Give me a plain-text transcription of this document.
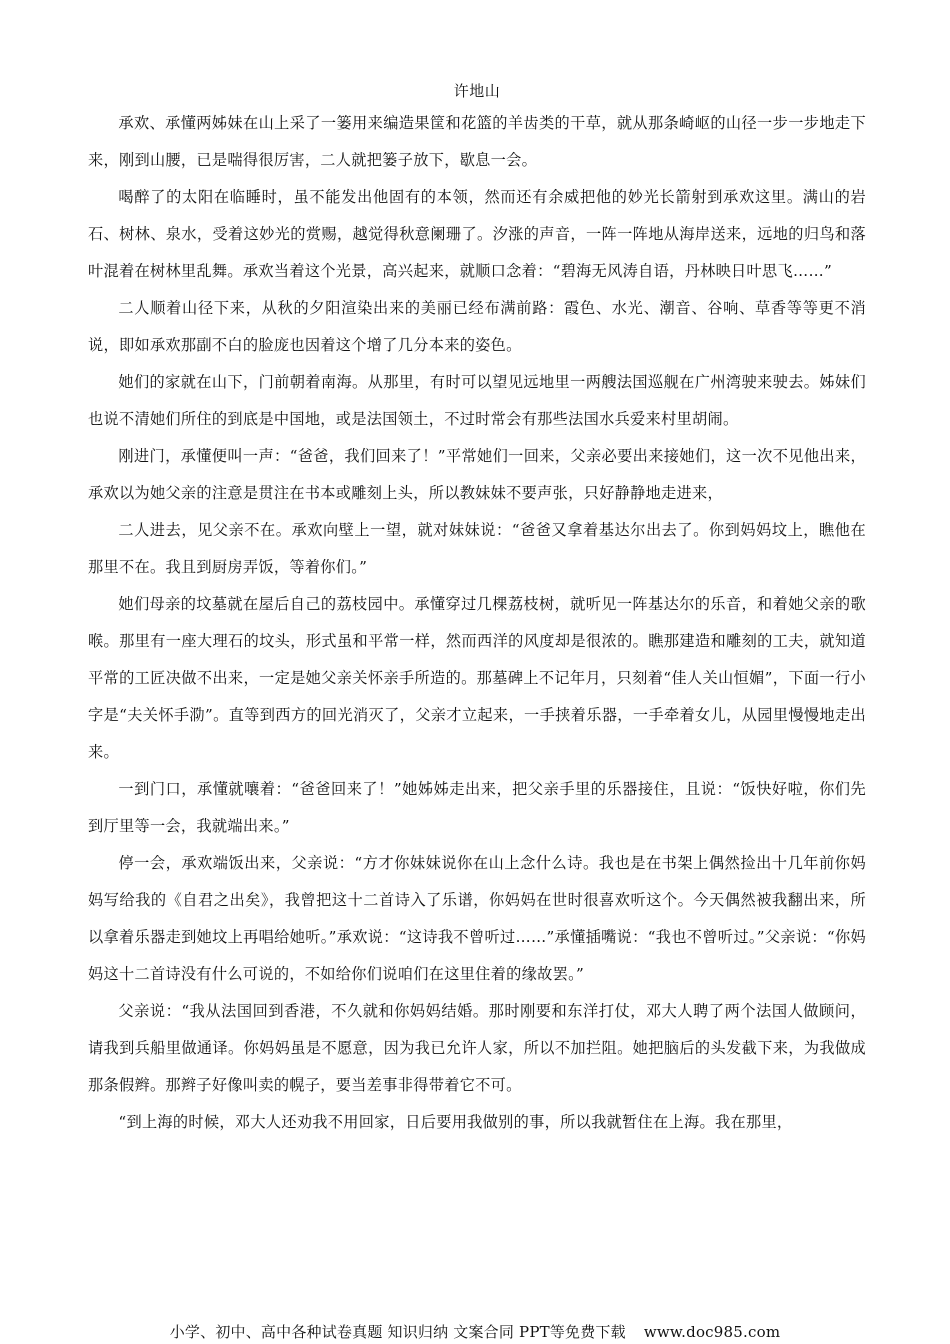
许地山

承欢、承懂两姊妹在山上采了一篓用来编造果筐和花篮的羊齿类的干草，就从那条崎岖的山径一步一步地走下来，刚到山腰，已是喘得很厉害，二人就把篓子放下，歇息一会。

喝醉了的太阳在临睡时，虽不能发出他固有的本领，然而还有余威把他的妙光长箭射到承欢这里。满山的岩石、树林、泉水，受着这妙光的赏赐，越觉得秋意阑珊了。汐涨的声音，一阵一阵地从海岸送来，远地的归鸟和落叶混着在树林里乱舞。承欢当着这个光景，高兴起来，就顺口念着：“碧海无风涛自语，丹林映日叶思飞……”

二人顺着山径下来，从秋的夕阳渲染出来的美丽已经布满前路：霞色、水光、潮音、谷响、草香等等更不消说，即如承欢那副不白的脸庞也因着这个增了几分本来的姿色。

她们的家就在山下，门前朝着南海。从那里，有时可以望见远地里一两艘法国巡舰在广州湾驶来驶去。姊妹们也说不清她们所住的到底是中国地，或是法国领土，不过时常会有那些法国水兵爱来村里胡闹。

刚进门，承懂便叫一声：“爸爸，我们回来了！”平常她们一回来，父亲必要出来接她们，这一次不见他出来，承欢以为她父亲的注意是贯注在书本或雕刻上头，所以教妹妹不要声张，只好静静地走进来，

二人进去，见父亲不在。承欢向壁上一望，就对妹妹说：“爸爸又拿着基达尔出去了。你到妈妈坟上，瞧他在那里不在。我且到厨房弄饭，等着你们。”

她们母亲的坟墓就在屋后自己的荔枝园中。承懂穿过几棵荔枝树，就听见一阵基达尔的乐音，和着她父亲的歌喉。那里有一座大理石的坟头，形式虽和平常一样，然而西洋的风度却是很浓的。瞧那建造和雕刻的工夫，就知道平常的工匠决做不出来，一定是她父亲关怀亲手所造的。那墓碑上不记年月，只刻着“佳人关山恒媚”，下面一行小字是“夫关怀手泐”。直等到西方的回光消灭了，父亲才立起来，一手挟着乐器，一手牵着女儿，从园里慢慢地走出来。

一到门口，承懂就嚷着：“爸爸回来了！”她姊姊走出来，把父亲手里的乐器接住，且说：“饭快好啦，你们先到厅里等一会，我就端出来。”

停一会，承欢端饭出来，父亲说：“方才你妹妹说你在山上念什么诗。我也是在书架上偶然捡出十几年前你妈妈写给我的《自君之出矣》，我曾把这十二首诗入了乐谱，你妈妈在世时很喜欢听这个。今天偶然被我翻出来，所以拿着乐器走到她坟上再唱给她听。”承欢说：“这诗我不曾听过……”承懂插嘴说：“我也不曾听过。”父亲说：“你妈妈这十二首诗没有什么可说的，不如给你们说咱们在这里住着的缘故罢。”

父亲说：“我从法国回到香港，不久就和你妈妈结婚。那时刚要和东洋打仗，邓大人聘了两个法国人做顾问，请我到兵船里做通译。你妈妈虽是不愿意，因为我已允许人家，所以不加拦阻。她把脑后的头发截下来，为我做成那条假辫。那辫子好像叫卖的幌子，要当差事非得带着它不可。

“到上海的时候，邓大人还劝我不用回家，日后要用我做别的事，所以我就暂住在上海。我在那里，

小学、初中、高中各种试卷真题 知识归纳 文案合同 PPT等免费下载 www.doc985.com
